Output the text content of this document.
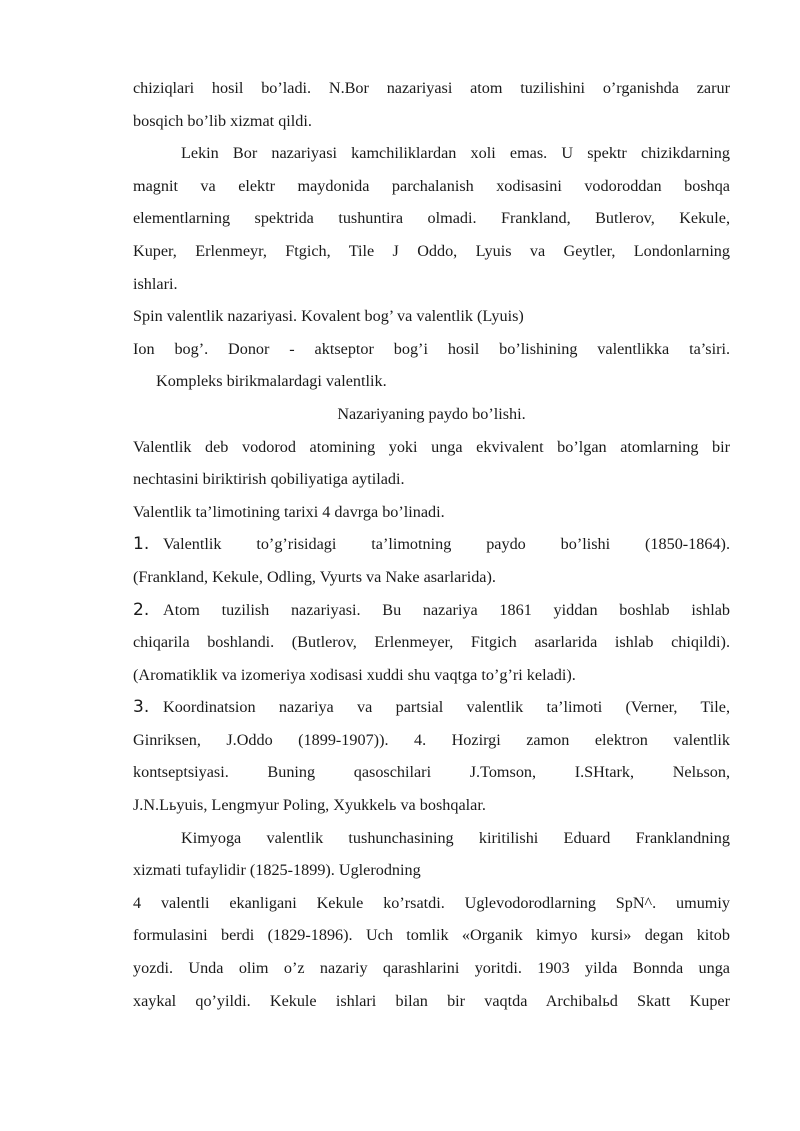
chiziqlari hosil bo’ladi. N.Bor nazariyasi atom tuzilishini o’rganishda zarur
bosqich bo’lib xizmat qildi.
Lekin Bor nazariyasi kamchiliklardan xoli emas. U spektr chizikdarning
magnit va elektr maydonida parchalanish xodisasini vodoroddan boshqa
elementlarning spektrida tushuntira olmadi. Frankland, Butlerov, Kekule,
Kuper, Erlenmeyr, Ftgich, Tile J Oddo, Lyuis va Geytler, Londonlarning
ishlari.
Spin valentlik nazariyasi. Kovalent bog’ va valentlik (Lyuis)
Ion bog’. Donor - aktseptor bog’i hosil bo’lishining valentlikka ta’siri.
Kompleks birikmalardagi valentlik.
Nazariyaning paydo bo’lishi.
Valentlik deb vodorod atomining yoki unga ekvivalent bo’lgan atomlarning bir
nechtasini biriktirish qobiliyatiga aytiladi.
Valentlik ta’limotining tarixi 4 davrga bo’linadi.
1. Valentlik to’g’risidagi ta’limotning paydo bo’lishi (1850-1864).
(Frankland, Kekule, Odling, Vyurts va Nake asarlarida).
2. Atom tuzilish nazariyasi. Bu nazariya 1861 yiddan boshlab ishlab
chiqarila boshlandi. (Butlerov, Erlenmeyer, Fitgich asarlarida ishlab chiqildi).
(Aromatiklik va izomeriya xodisasi xuddi shu vaqtga to’g’ri keladi).
3. Koordinatsion nazariya va partsial valentlik ta’limoti (Verner, Tile,
Ginriksen, J.Oddo (1899-1907)). 4. Hozirgi zamon elektron valentlik
kontseptsiyasi. Buning qasoschilari J.Tomson, I.SHtark, Nelьson,
J.N.Lьyuis, Lengmyur Poling, Xyukkelь va boshqalar.
Kimyoga valentlik tushunchasining kiritilishi Eduard Franklandning
xizmati tufaylidir (1825-1899). Uglerodning
4 valentli ekanligani Kekule ko’rsatdi. Uglevodorodlarning SpN^. umumiy
formulasini berdi (1829-1896). Uch tomlik «Organik kimyo kursi» degan kitob
yozdi. Unda olim o’z nazariy qarashlarini yoritdi. 1903 yilda Bonnda unga
xaykal qo’yildi. Kekule ishlari bilan bir vaqtda Archibalьd Skatt Kuper
